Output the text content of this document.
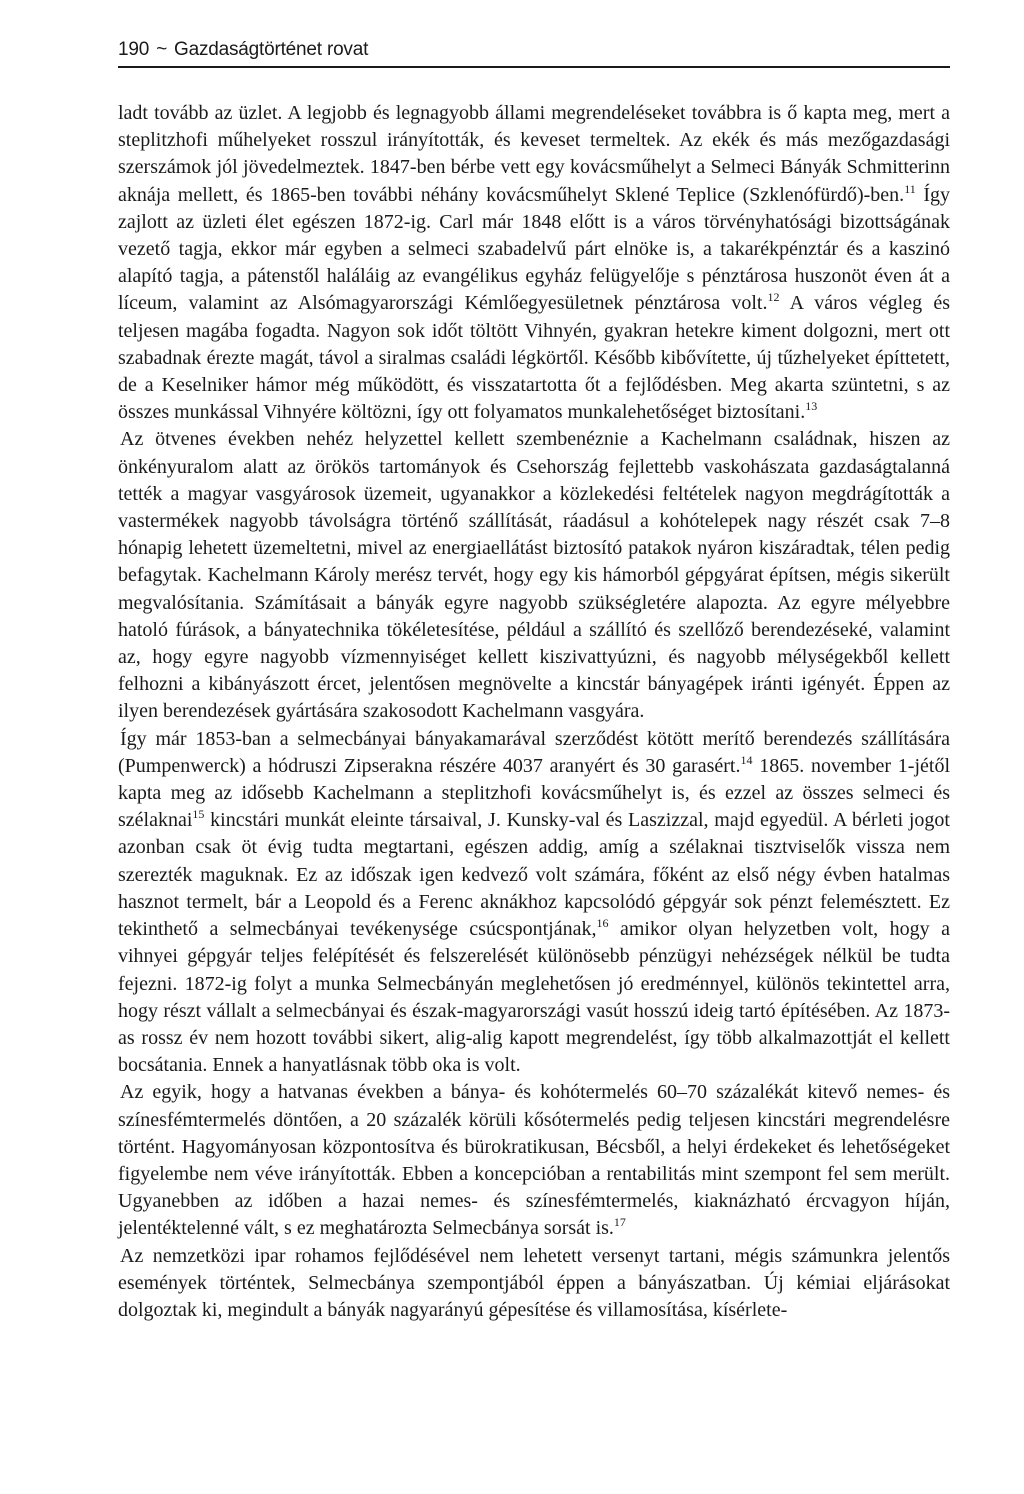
190 ~ Gazdaságtörténet rovat

ladt tovább az üzlet. A legjobb és legnagyobb állami megrendeléseket továbbra is ő kapta meg, mert a steplitzhofi műhelyeket rosszul irányították, és keveset termeltek. Az ekék és más mezőgazdasági szerszámok jól jövedelmeztek. 1847-ben bérbe vett egy kovácsműhelyt a Selmeci Bányák Schmitterinn aknája mellett, és 1865-ben további néhány kovácsműhelyt Sklené Teplice (Szklenófürdő)-ben.$^{11}$ Így zajlott az üzleti élet egészen 1872-ig. Carl már 1848 előtt is a város törvényhatósági bizottságának vezető tagja, ekkor már egyben a selmeci szabadelvű párt elnöke is, a takarékpénztár és a kaszinó alapító tagja, a pátenstől haláláig az evangélikus egyház felügyelője s pénztárosa huszonöt éven át a líceum, valamint az Alsómagyarországi Kémlőegyesületnek pénztárosa volt.$^{12}$ A város végleg és teljesen magába fogadta. Nagyon sok időt töltött Vihnyén, gyakran hetekre kiment dolgozni, mert ott szabadnak érezte magát, távol a siralmas családi légkörtől. Később kibővítette, új tűzhelyeket építtetett, de a Keselniker hámor még működött, és visszatartotta őt a fejlődésben. Meg akarta szüntetni, s az összes munkással Vihnyére költözni, így ott folyamatos munkalehetőséget biztosítani.$^{13}$

Az ötvenes években nehéz helyzettel kellett szembenéznie a Kachelmann családnak, hiszen az önkényuralom alatt az örökös tartományok és Csehország fejlettebb vaskohászata gazdaságtalanná tették a magyar vasgyárosok üzemeit, ugyanakkor a közlekedési feltételek nagyon megdrágították a vastermékek nagyobb távolságra történő szállítását, ráadásul a kohótelepek nagy részét csak 7–8 hónapig lehetett üzemeltetni, mivel az energiaellátást biztosító patakok nyáron kiszáradtak, télen pedig befagytak. Kachelmann Károly merész tervét, hogy egy kis hámorból gépgyárat építsen, mégis sikerült megvalósítania. Számításait a bányák egyre nagyobb szükségletére alapozta. Az egyre mélyebbre hatoló fúrások, a bányatechnika tökéletesítése, például a szállító és szellőző berendezéseké, valamint az, hogy egyre nagyobb vízmennyiséget kellett kiszivattyúzni, és nagyobb mélységekből kellett felhozni a kibányászott ércet, jelentősen megnövelte a kincstár bányagépek iránti igényét. Éppen az ilyen berendezések gyártására szakosodott Kachelmann vasgyára.

Így már 1853-ban a selmecbányai bányakamarával szerződést kötött merítő berendezés szállítására (Pumpenwerck) a hódruszi Zipserakna részére 4037 aranyért és 30 garasért.$^{14}$ 1865. november 1-jétől kapta meg az idősebb Kachelmann a steplitzhofi kovácsműhelyt is, és ezzel az összes selmeci és szélaknai$^{15}$ kincstári munkát eleinte társaival, J. Kunsky-val és Laszizzal, majd egyedül. A bérleti jogot azonban csak öt évig tudta megtartani, egészen addig, amíg a szélaknai tisztviselők vissza nem szerezték maguknak. Ez az időszak igen kedvező volt számára, főként az első négy évben hatalmas hasznot termelt, bár a Leopold és a Ferenc aknákhoz kapcsolódó gépgyár sok pénzt felemésztett. Ez tekinthető a selmecbányai tevékenysége csúcspontjának,$^{16}$ amikor olyan helyzetben volt, hogy a vihnyei gépgyár teljes felépítését és felszerelését különösebb pénzügyi nehézségek nélkül be tudta fejezni. 1872-ig folyt a munka Selmecbányán meglehetősen jó eredménnyel, különös tekintettel arra, hogy részt vállalt a selmecbányai és észak-magyarországi vasút hosszú ideig tartó építésében. Az 1873-as rossz év nem hozott további sikert, alig-alig kapott megrendelést, így több alkalmazottját el kellett bocsátania. Ennek a hanyatlásnak több oka is volt.

Az egyik, hogy a hatvanas években a bánya- és kohótermelés 60–70 százalékát kitevő nemes- és színesfémtermelés döntően, a 20 százalék körüli kősótermelés pedig teljesen kincstári megrendelésre történt. Hagyományosan központosítva és bürokratikusan, Bécsből, a helyi érdekeket és lehetőségeket figyelembe nem véve irányították. Ebben a koncepcióban a rentabilitás mint szempont fel sem merült. Ugyanebben az időben a hazai nemes- és színesfémtermelés, kiaknázható ércvagyon híján, jelentéktelenné vált, s ez meghatározta Selmecbánya sorsát is.$^{17}$

Az nemzetközi ipar rohamos fejlődésével nem lehetett versenyt tartani, mégis számunkra jelentős események történtek, Selmecbánya szempontjából éppen a bányászatban. Új kémiai eljárásokat dolgoztak ki, megindult a bányák nagyarányú gépesítése és villamosítása, kísérlete-
